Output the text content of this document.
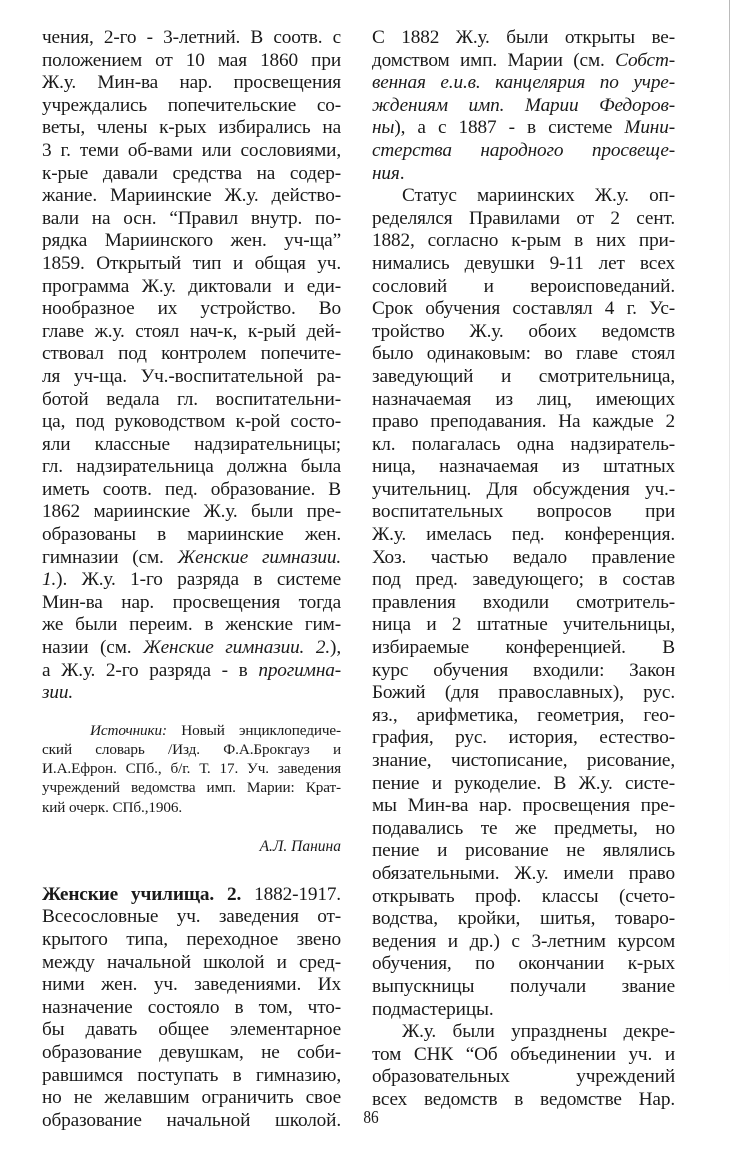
чения, 2-го - 3-летний. В соотв. с
положением от 10 мая 1860 при
Ж.у. Мин-ва нар. просвещения
учреждались попечительские со-
веты, члены к-рых избирались на
3 г. теми об-вами или сословиями,
к-рые давали средства на содер-
жание. Мариинские Ж.у. действо-
вали на осн. “Правил внутр. по-
рядка Мариинского жен. уч-ща”
1859. Открытый тип и общая уч.
программа Ж.у. диктовали и еди-
нообразное их устройство. Во
главе ж.у. стоял нач-к, к-рый дей-
ствовал под контролем попечите-
ля уч-ща. Уч.-воспитательной ра-
ботой ведала гл. воспитательни-
ца, под руководством к-рой состо-
яли классные надзирательницы;
гл. надзирательница должна была
иметь соотв. пед. образование. В
1862 мариинские Ж.у. были пре-
образованы в мариинские жен.
гимназии (см. Женские гимназии.
1.). Ж.у. 1-го разряда в системе
Мин-ва нар. просвещения тогда
же были переим. в женские гим-
назии (см. Женские гимназии. 2.),
а Ж.у. 2-го разряда - в прогимна-
зии.
Источники: Новый энциклопедиче-
ский словарь /Изд. Ф.А.Брокгауз и
И.А.Ефрон. СПб., б/г. Т. 17. Уч. заведения
учреждений ведомства имп. Марии: Крат-
кий очерк. СПб.,1906.
А.Л. Панина
Женские училища. 2. 1882-1917.
Всесословные уч. заведения от-
крытого типа, переходное звено
между начальной школой и сред-
ними жен. уч. заведениями. Их
назначение состояло в том, что-
бы давать общее элементарное
образование девушкам, не соби-
равшимся поступать в гимназию,
но не желавшим ограничить свое
образование начальной школой.
С 1882 Ж.у. были открыты ве-
домством имп. Марии (см. Собст-
венная е.и.в. канцелярия по учре-
ждениям имп. Марии Федоров-
ны), а с 1887 - в системе Мини-
стерства народного просвеще-
ния.
Статус мариинских Ж.у. оп-
ределялся Правилами от 2 сент.
1882, согласно к-рым в них при-
нимались девушки 9-11 лет всех
сословий и вероисповеданий.
Срок обучения составлял 4 г. Ус-
тройство Ж.у. обоих ведомств
было одинаковым: во главе стоял
заведующий и смотрительница,
назначаемая из лиц, имеющих
право преподавания. На каждые 2
кл. полагалась одна надзиратель-
ница, назначаемая из штатных
учительниц. Для обсуждения уч.-
воспитательных вопросов при
Ж.у. имелась пед. конференция.
Хоз. частью ведало правление
под пред. заведующего; в состав
правления входили смотритель-
ница и 2 штатные учительницы,
избираемые конференцией. В
курс обучения входили: Закон
Божий (для православных), рус.
яз., арифметика, геометрия, гео-
графия, рус. история, естество-
знание, чистописание, рисование,
пение и рукоделие. В Ж.у. систе-
мы Мин-ва нар. просвещения пре-
подавались те же предметы, но
пение и рисование не являлись
обязательными. Ж.у. имели право
открывать проф. классы (счето-
водства, кройки, шитья, товаро-
ведения и др.) с 3-летним курсом
обучения, по окончании к-рых
выпускницы получали звание
подмастерицы.
Ж.у. были упразднены декре-
том СНК “Об объединении уч. и
образовательных учреждений
всех ведомств в ведомстве Нар.
86
